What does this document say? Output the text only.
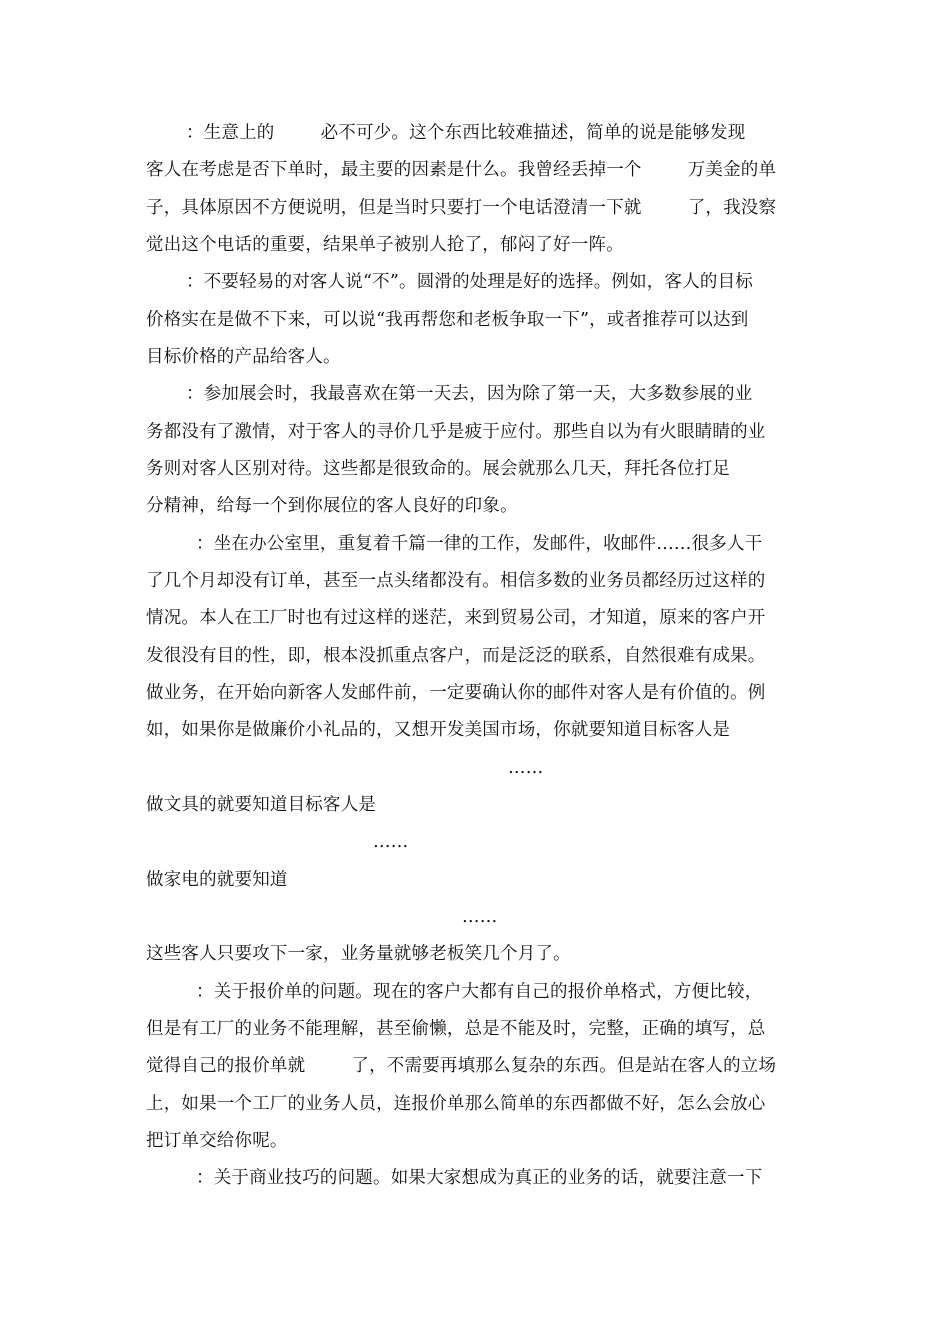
：生意上的        必不可少。这个东西比较难描述，简单的说是能够发现
客人在考虑是否下单时，最主要的因素是什么。我曾经丢掉一个        万美金的单
子，具体原因不方便说明，但是当时只要打一个电话澄清一下就        了，我没察
觉出这个电话的重要，结果单子被别人抢了，郁闷了好一阵。
：不要轻易的对客人说“不”。圆滑的处理是好的选择。例如，客人的目标
价格实在是做不下来，可以说“我再帮您和老板争取一下”，或者推荐可以达到
目标价格的产品给客人。
：参加展会时，我最喜欢在第一天去，因为除了第一天，大多数参展的业
务都没有了激情，对于客人的寻价几乎是疲于应付。那些自以为有火眼睛睛的业
务则对客人区别对待。这些都是很致命的。展会就那么几天，拜托各位打足
分精神，给每一个到你展位的客人良好的印象。
：坐在办公室里，重复着千篇一律的工作，发邮件，收邮件……很多人干
了几个月却没有订单，甚至一点头绪都没有。相信多数的业务员都经历过这样的
情况。本人在工厂时也有过这样的迷茫，来到贸易公司，才知道，原来的客户开
发很没有目的性，即，根本没抓重点客户，而是泛泛的联系，自然很难有成果。
做业务，在开始向新客人发邮件前，一定要确认你的邮件对客人是有价值的。例
如，如果你是做廉价小礼品的，又想开发美国市场，你就要知道目标客人是
……
做文具的就要知道目标客人是
……
做家电的就要知道
……
这些客人只要攻下一家，业务量就够老板笑几个月了。
：关于报价单的问题。现在的客户大都有自己的报价单格式，方便比较，
但是有工厂的业务不能理解，甚至偷懒，总是不能及时，完整，正确的填写，总
觉得自己的报价单就        了，不需要再填那么复杂的东西。但是站在客人的立场
上，如果一个工厂的业务人员，连报价单那么简单的东西都做不好，怎么会放心
把订单交给你呢。
：关于商业技巧的问题。如果大家想成为真正的业务的话，就要注意一下
